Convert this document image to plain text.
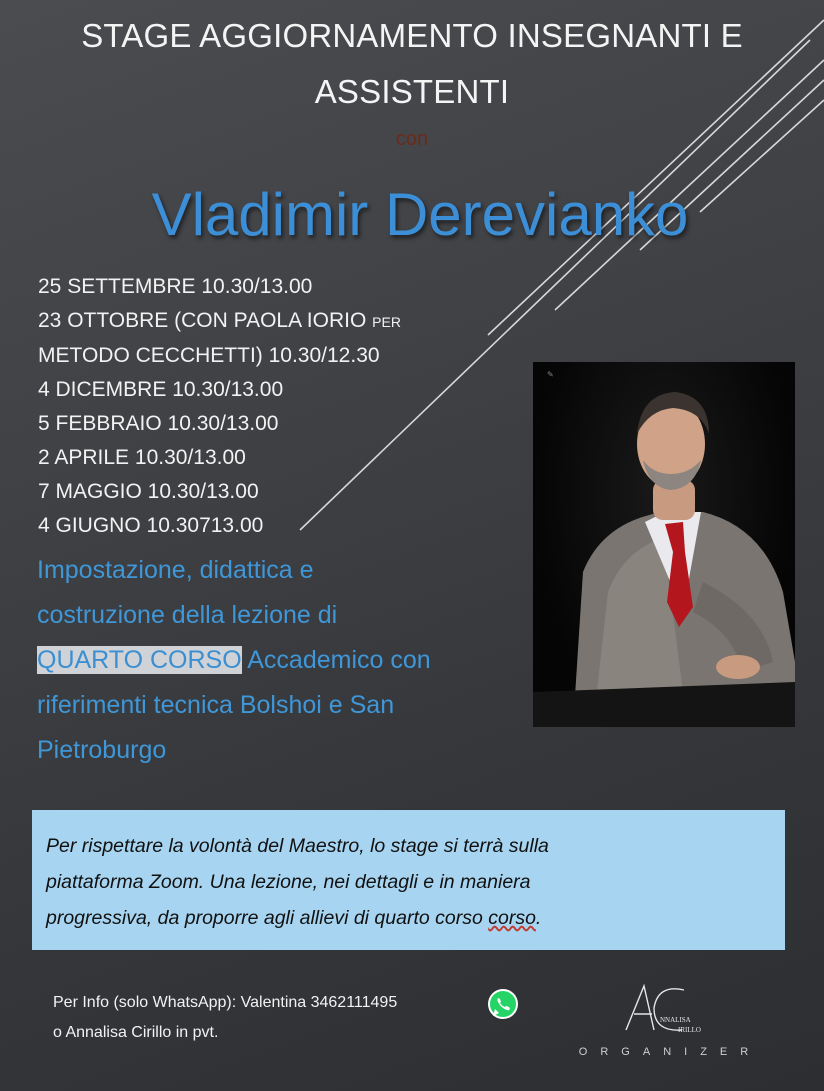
STAGE AGGIORNAMENTO INSEGNANTI E
ASSISTENTI
con
Vladimir Derevianko
25 SETTEMBRE 10.30/13.00
23 OTTOBRE (CON PAOLA IORIO PER
METODO CECCHETTI) 10.30/12.30
4 DICEMBRE 10.30/13.00
5 FEBBRAIO 10.30/13.00
2 APRILE 10.30/13.00
7 MAGGIO 10.30/13.00
4 GIUGNO 10.30713.00
Impostazione, didattica e
costruzione della lezione di
QUARTO CORSO Accademico con
riferimenti tecnica Bolshoi e San
Pietroburgo
✎
Per rispettare la volontà del Maestro, lo stage si terrà sulla
piattaforma Zoom. Una lezione, nei dettagli e in maniera
progressiva, da proporre agli allievi di quarto corso corso.
Per Info (solo WhatsApp): Valentina 3462111495
o Annalisa Cirillo in pvt.
NNALISA
IRILLO
ORGANIZER
